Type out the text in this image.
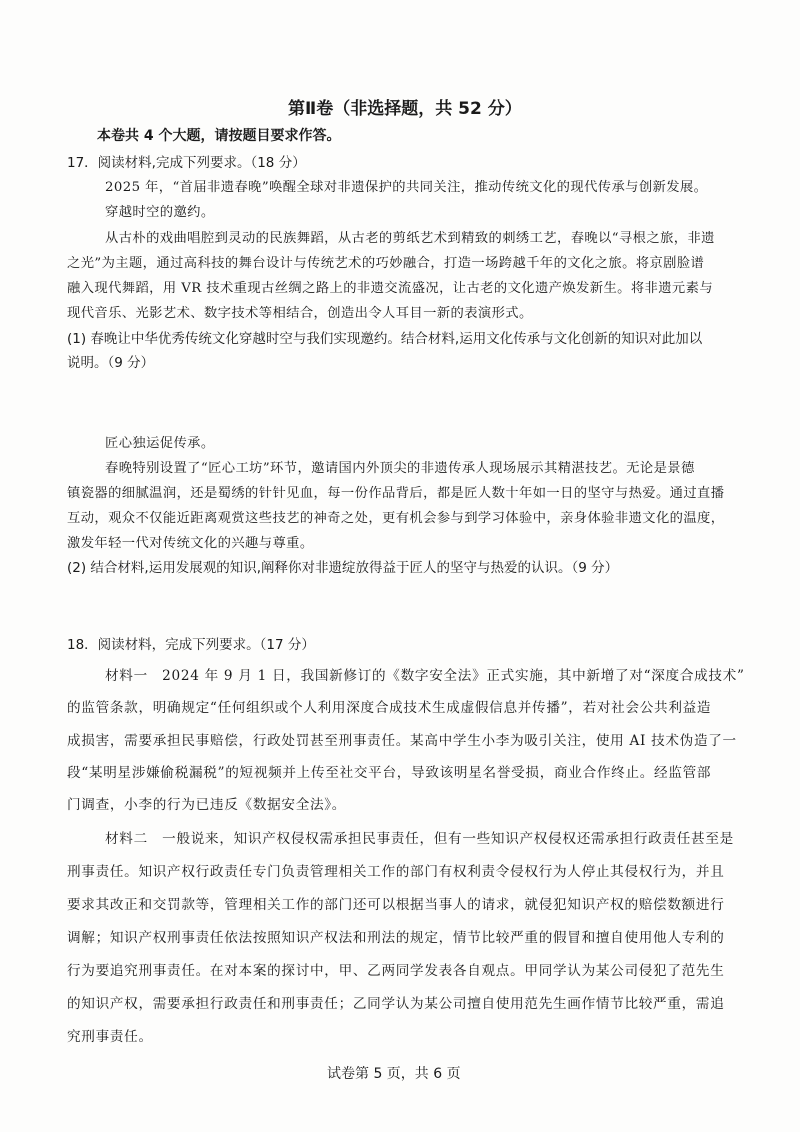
第Ⅱ卷（非选择题，共 52 分）
本卷共 4 个大题，请按题目要求作答。
17．阅读材料,完成下列要求。（18 分）
2025 年，“首届非遗春晚”唤醒全球对非遗保护的共同关注，推动传统文化的现代传承与创新发展。
穿越时空的邀约。
从古朴的戏曲唱腔到灵动的民族舞蹈，从古老的剪纸艺术到精致的刺绣工艺，春晚以“寻根之旅，非遗
之光”为主题，通过高科技的舞台设计与传统艺术的巧妙融合，打造一场跨越千年的文化之旅。将京剧脸谱
融入现代舞蹈，用 VR 技术重现古丝绸之路上的非遗交流盛况，让古老的文化遗产焕发新生。将非遗元素与
现代音乐、光影艺术、数字技术等相结合，创造出令人耳目一新的表演形式。
(1) 春晚让中华优秀传统文化穿越时空与我们实现邀约。结合材料,运用文化传承与文化创新的知识对此加以
说明。（9 分）
匠心独运促传承。
春晚特别设置了“匠心工坊”环节，邀请国内外顶尖的非遗传承人现场展示其精湛技艺。无论是景德
镇瓷器的细腻温润，还是蜀绣的针针见血，每一份作品背后，都是匠人数十年如一日的坚守与热爱。通过直播
互动，观众不仅能近距离观赏这些技艺的神奇之处，更有机会参与到学习体验中，亲身体验非遗文化的温度，
激发年轻一代对传统文化的兴趣与尊重。
(2) 结合材料,运用发展观的知识,阐释你对非遗绽放得益于匠人的坚守与热爱的认识。（9 分）
18．阅读材料，完成下列要求。（17 分）
材料一　2024 年 9 月 1 日，我国新修订的《数字安全法》正式实施，其中新增了对“深度合成技术”
的监管条款，明确规定“任何组织或个人利用深度合成技术生成虚假信息并传播”，若对社会公共利益造
成损害，需要承担民事赔偿，行政处罚甚至刑事责任。某高中学生小李为吸引关注，使用 AI 技术伪造了一
段“某明星涉嫌偷税漏税”的短视频并上传至社交平台，导致该明星名誉受损，商业合作终止。经监管部
门调查，小李的行为已违反《数据安全法》。
材料二　一般说来，知识产权侵权需承担民事责任，但有一些知识产权侵权还需承担行政责任甚至是
刑事责任。知识产权行政责任专门负责管理相关工作的部门有权利责令侵权行为人停止其侵权行为，并且
要求其改正和交罚款等，管理相关工作的部门还可以根据当事人的请求，就侵犯知识产权的赔偿数额进行
调解；知识产权刑事责任依法按照知识产权法和刑法的规定，情节比较严重的假冒和擅自使用他人专利的
行为要追究刑事责任。在对本案的探讨中，甲、乙两同学发表各自观点。甲同学认为某公司侵犯了范先生
的知识产权，需要承担行政责任和刑事责任；乙同学认为某公司擅自使用范先生画作情节比较严重，需追
究刑事责任。
试卷第 5 页，共 6 页
